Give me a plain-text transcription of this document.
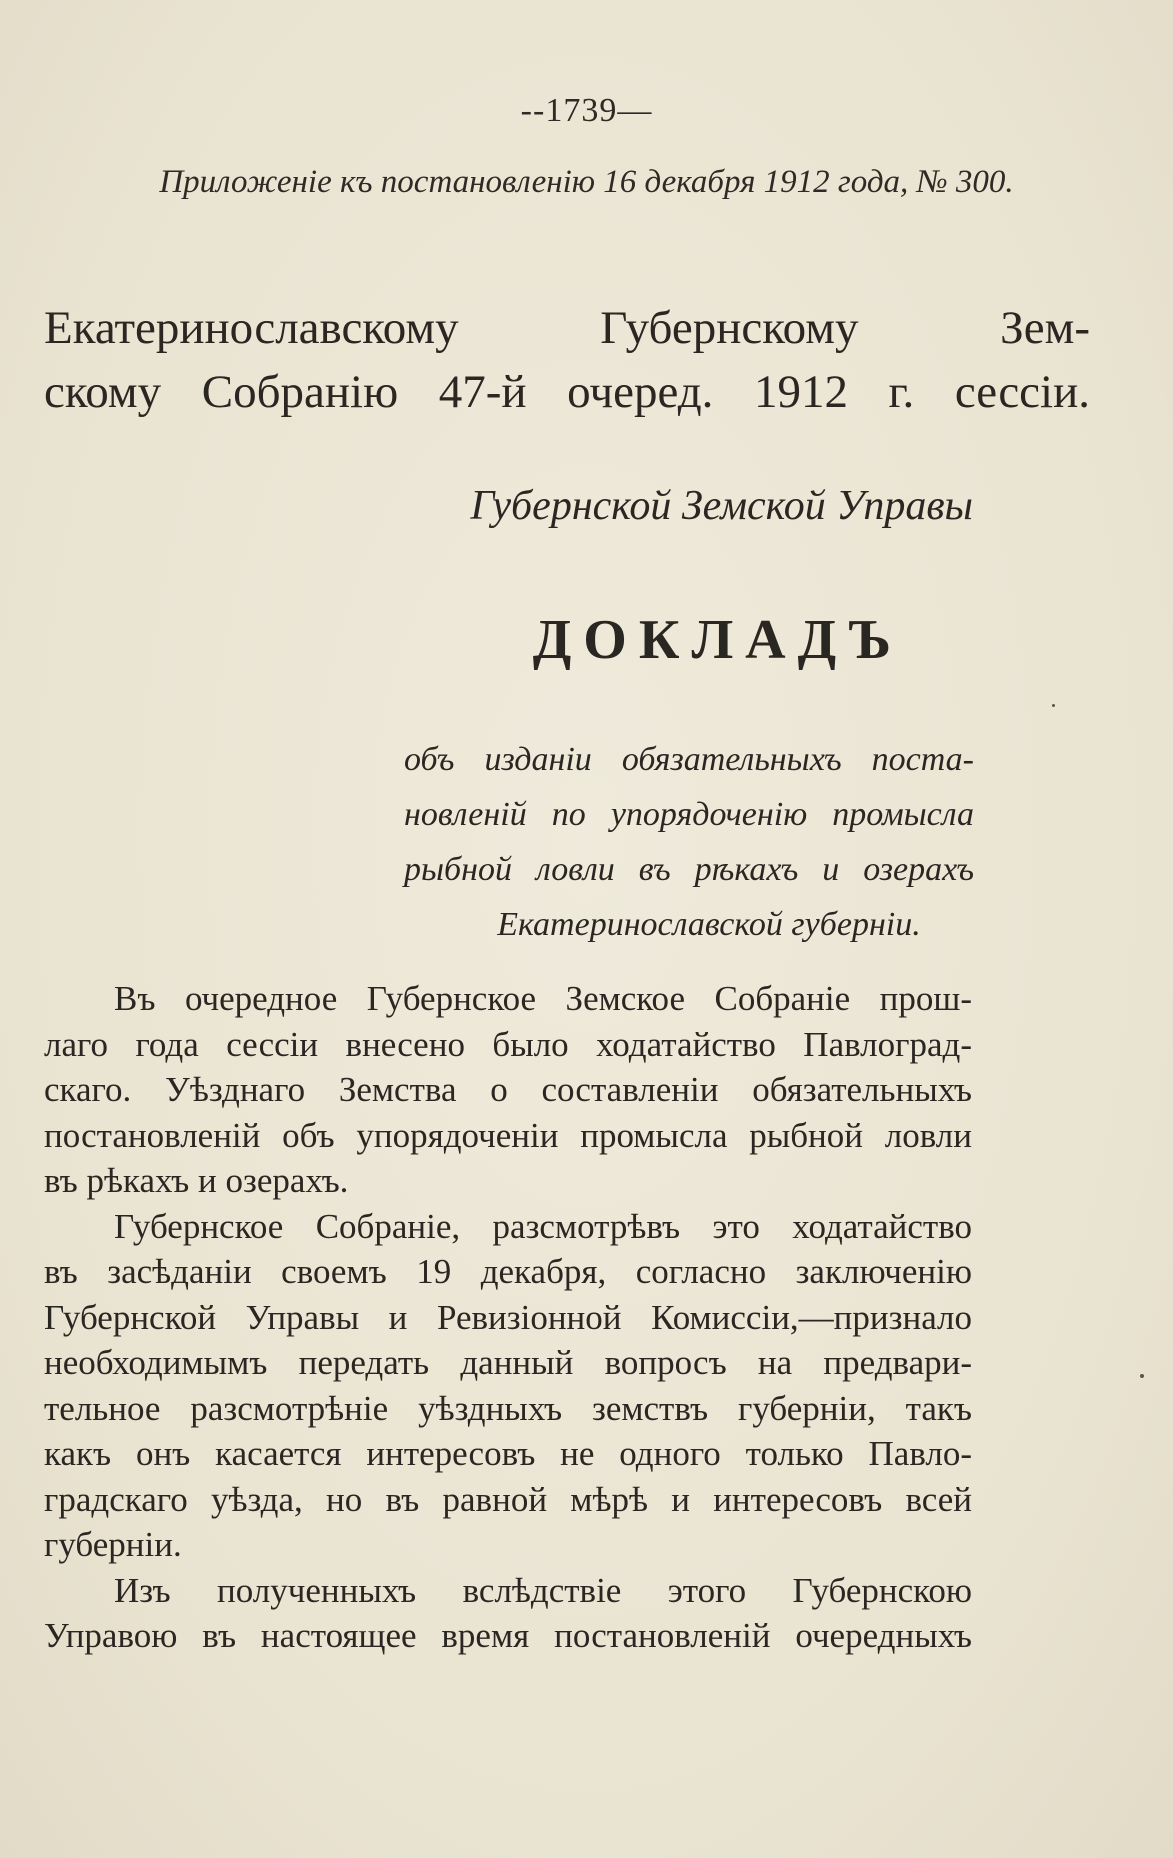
--1739—
Приложеніе къ постановленію 16 декабря 1912 года, № 300.
Екатеринославскому Губернскому Зем-
скому Собранію 47-й очеред. 1912 г. сессіи.
Губернской Земской Управы
ДОКЛАДЪ
объ изданіи обязательныхъ поста-
новленій по упорядоченію промысла
рыбной ловли въ рѣкахъ и озерахъ
Екатеринославской губерніи.
Въ очередное Губернское Земское Собраніе прош-
лаго года сессіи внесено было ходатайство Павлоград-
скаго. Уѣзднаго Земства о составленіи обязательныхъ
постановленій объ упорядоченіи промысла рыбной ловли
въ рѣкахъ и озерахъ.
Губернское Собраніе, разсмотрѣвъ это ходатайство
въ засѣданіи своемъ 19 декабря, согласно заключенію
Губернской Управы и Ревизіонной Комиссіи,—признало
необходимымъ передать данный вопросъ на предвари-
тельное разсмотрѣніе уѣздныхъ земствъ губерніи, такъ
какъ онъ касается интересовъ не одного только Павло-
градскаго уѣзда, но въ равной мѣрѣ и интересовъ всей
губерніи.
Изъ полученныхъ вслѣдствіе этого Губернскою
Управою въ настоящее время постановленій очередныхъ
